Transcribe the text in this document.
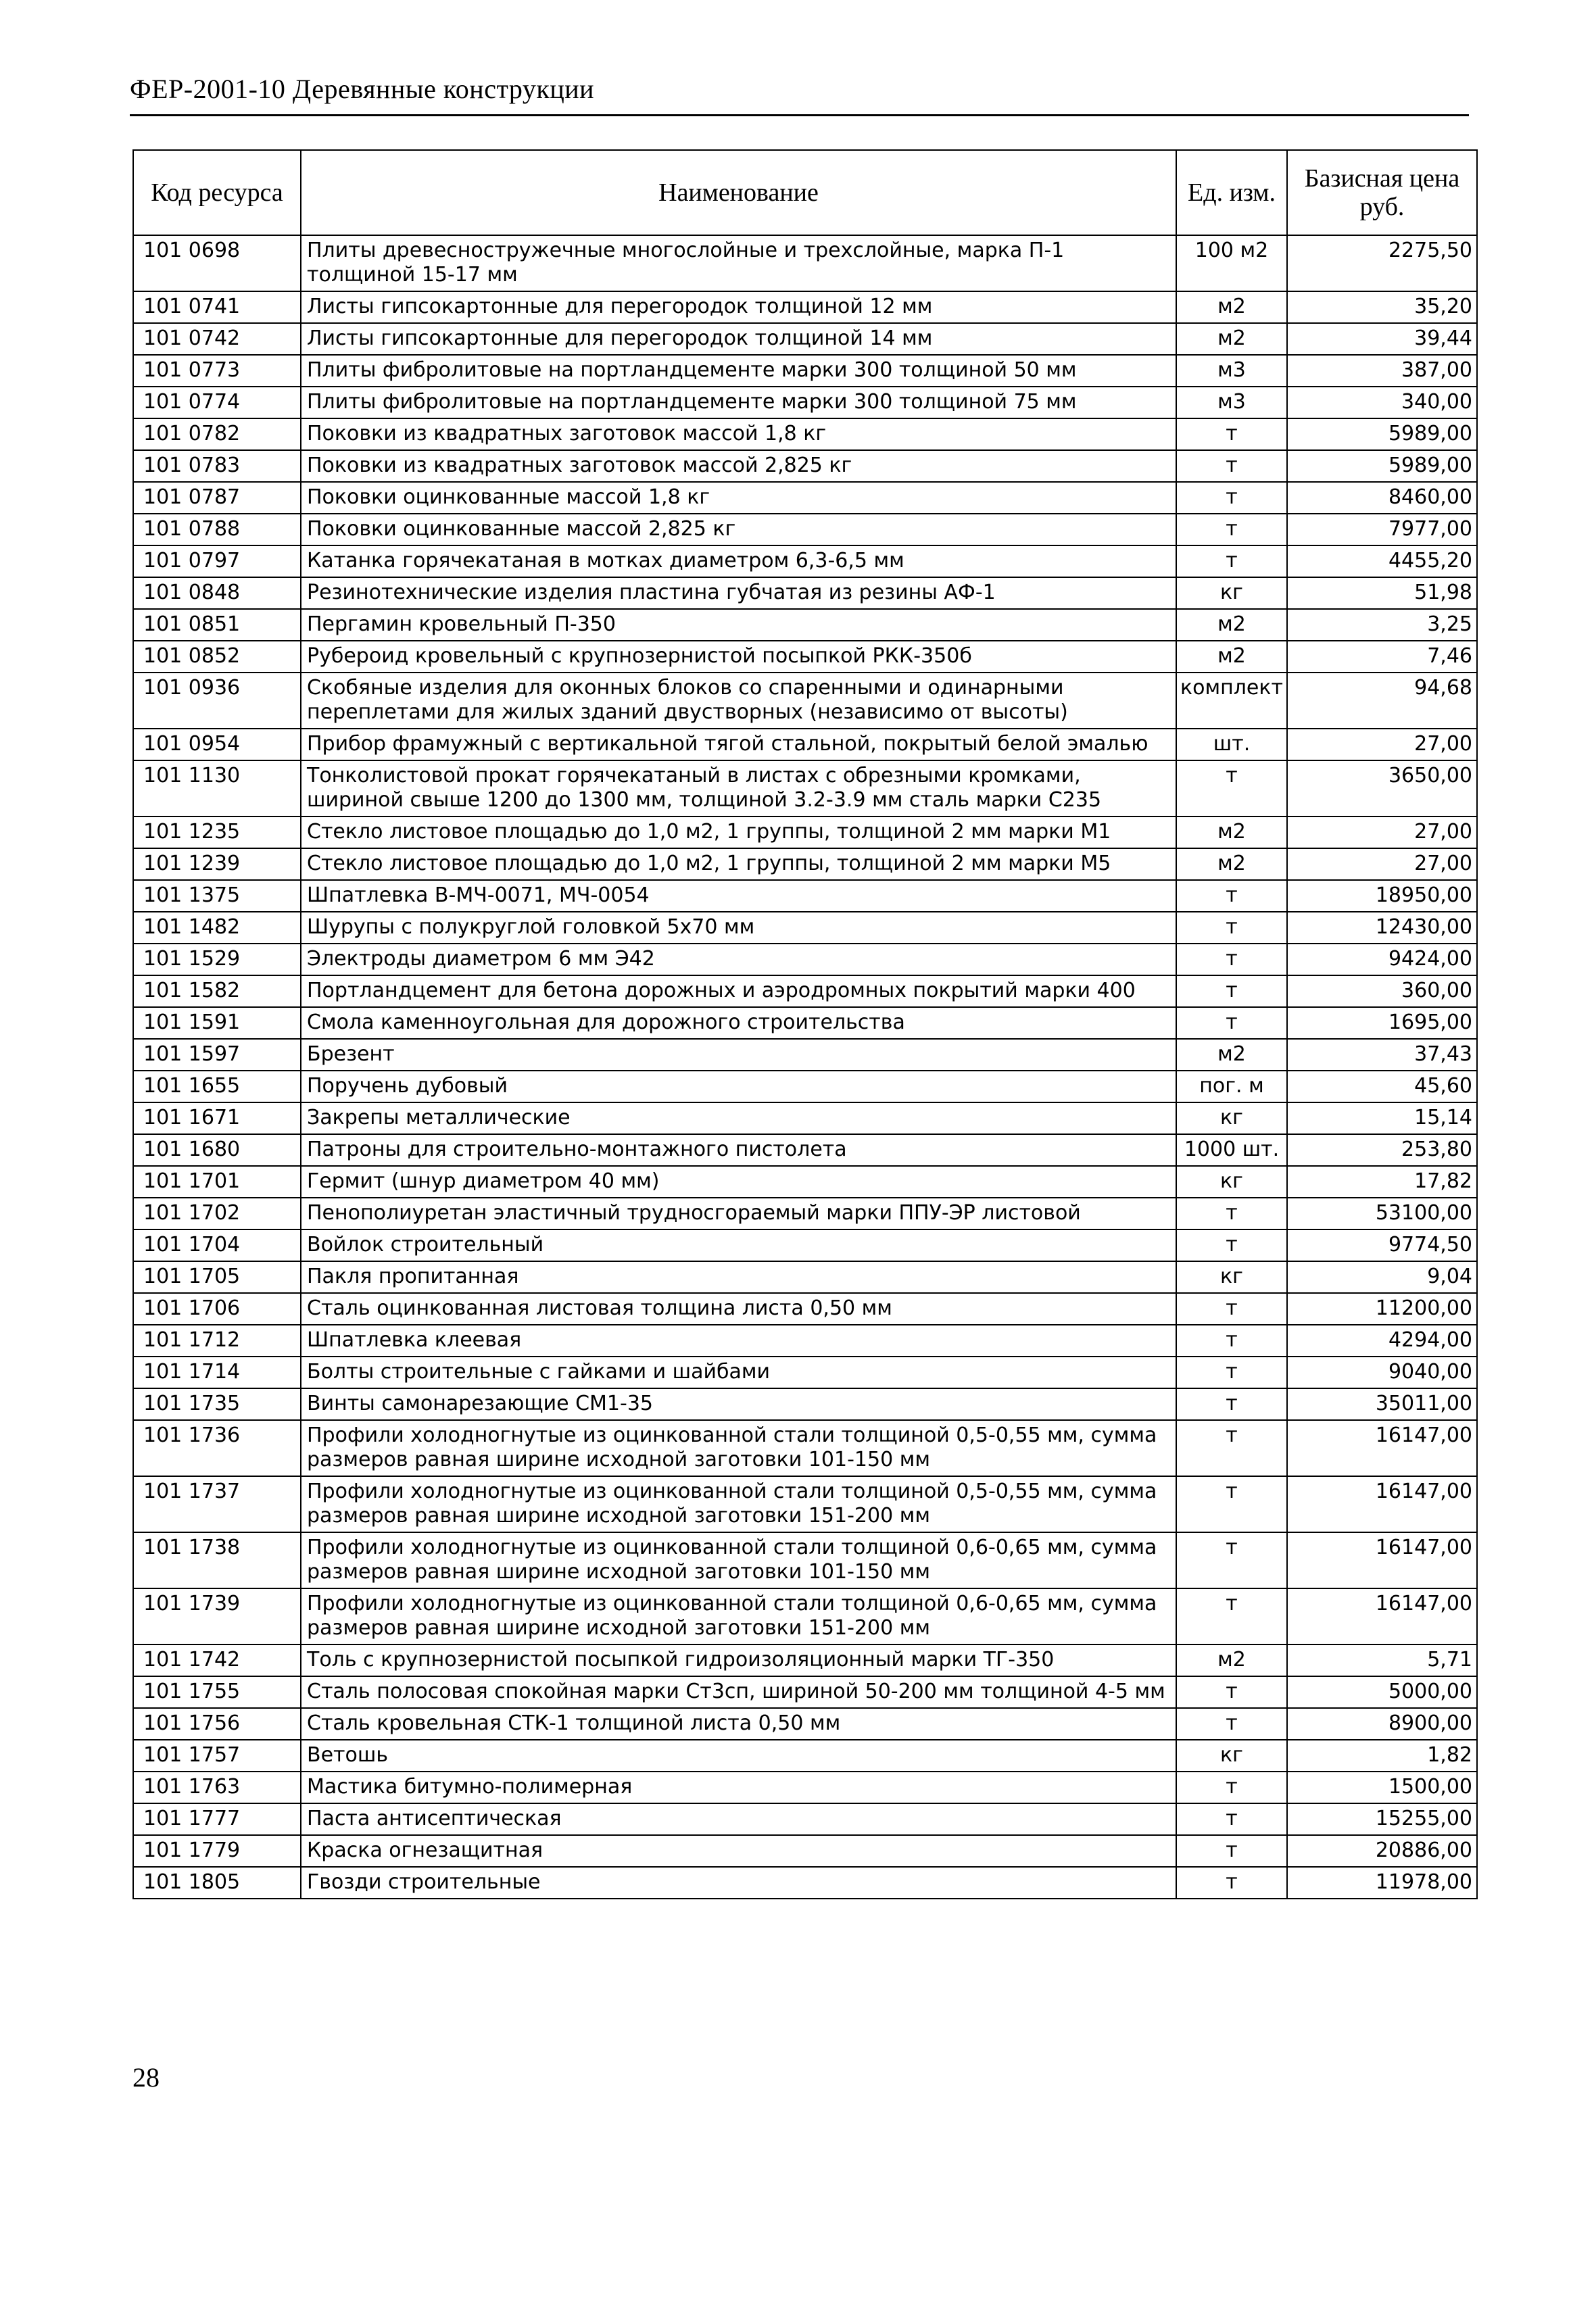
ФЕР-2001-10 Деревянные конструкции
Код ресурса	Наименование	Ед. изм.	Базисная цена руб.
101 0698	Плиты древесностружечные многослойные и трехслойные, марка П-1 толщиной 15-17 мм	100 м2	2275,50
101 0741	Листы гипсокартонные для перегородок толщиной 12 мм	м2	35,20
101 0742	Листы гипсокартонные для перегородок толщиной 14 мм	м2	39,44
101 0773	Плиты фибролитовые на портландцементе марки 300 толщиной 50 мм	м3	387,00
101 0774	Плиты фибролитовые на портландцементе марки 300 толщиной 75 мм	м3	340,00
101 0782	Поковки из квадратных заготовок массой 1,8 кг	т	5989,00
101 0783	Поковки из квадратных заготовок массой 2,825 кг	т	5989,00
101 0787	Поковки оцинкованные массой 1,8 кг	т	8460,00
101 0788	Поковки оцинкованные массой 2,825 кг	т	7977,00
101 0797	Катанка горячекатаная в мотках диаметром 6,3-6,5 мм	т	4455,20
101 0848	Резинотехнические изделия пластина губчатая из резины АФ-1	кг	51,98
101 0851	Пергамин кровельный П-350	м2	3,25
101 0852	Рубероид кровельный с крупнозернистой посыпкой РКК-350б	м2	7,46
101 0936	Скобяные изделия для оконных блоков со спаренными и одинарными переплетами для жилых зданий двустворных (независимо от высоты)	комплект	94,68
101 0954	Прибор фрамужный с вертикальной тягой стальной, покрытый белой эмалью	шт.	27,00
101 1130	Тонколистовой прокат горячекатаный в листах с обрезными кромками, шириной свыше 1200 до 1300 мм, толщиной 3.2-3.9 мм сталь марки С235	т	3650,00
101 1235	Стекло листовое площадью до 1,0 м2, 1 группы, толщиной 2 мм марки М1	м2	27,00
101 1239	Стекло листовое площадью до 1,0 м2, 1 группы, толщиной 2 мм марки М5	м2	27,00
101 1375	Шпатлевка В-МЧ-0071, МЧ-0054	т	18950,00
101 1482	Шурупы с полукруглой головкой 5х70 мм	т	12430,00
101 1529	Электроды диаметром 6 мм Э42	т	9424,00
101 1582	Портландцемент для бетона дорожных и аэродромных покрытий марки 400	т	360,00
101 1591	Смола каменноугольная для дорожного строительства	т	1695,00
101 1597	Брезент	м2	37,43
101 1655	Поручень дубовый	пог. м	45,60
101 1671	Закрепы металлические	кг	15,14
101 1680	Патроны для строительно-монтажного пистолета	1000 шт.	253,80
101 1701	Гермит (шнур диаметром 40 мм)	кг	17,82
101 1702	Пенополиуретан эластичный трудносгораемый марки ППУ-ЭР листовой	т	53100,00
101 1704	Войлок строительный	т	9774,50
101 1705	Пакля пропитанная	кг	9,04
101 1706	Сталь оцинкованная листовая толщина листа 0,50 мм	т	11200,00
101 1712	Шпатлевка клеевая	т	4294,00
101 1714	Болты строительные с гайками и шайбами	т	9040,00
101 1735	Винты самонарезающие СМ1-35	т	35011,00
101 1736	Профили холодногнутые из оцинкованной стали толщиной 0,5-0,55 мм, сумма размеров равная ширине исходной заготовки 101-150 мм	т	16147,00
101 1737	Профили холодногнутые из оцинкованной стали толщиной 0,5-0,55 мм, сумма размеров равная ширине исходной заготовки 151-200 мм	т	16147,00
101 1738	Профили холодногнутые из оцинкованной стали толщиной 0,6-0,65 мм, сумма размеров равная ширине исходной заготовки 101-150 мм	т	16147,00
101 1739	Профили холодногнутые из оцинкованной стали толщиной 0,6-0,65 мм, сумма размеров равная ширине исходной заготовки 151-200 мм	т	16147,00
101 1742	Толь с крупнозернистой посыпкой гидроизоляционный марки ТГ-350	м2	5,71
101 1755	Сталь полосовая спокойная марки Ст3сп, шириной 50-200 мм толщиной 4-5 мм	т	5000,00
101 1756	Сталь кровельная СТК-1 толщиной листа 0,50 мм	т	8900,00
101 1757	Ветошь	кг	1,82
101 1763	Мастика битумно-полимерная	т	1500,00
101 1777	Паста антисептическая	т	15255,00
101 1779	Краска огнезащитная	т	20886,00
101 1805	Гвозди строительные	т	11978,00
28
